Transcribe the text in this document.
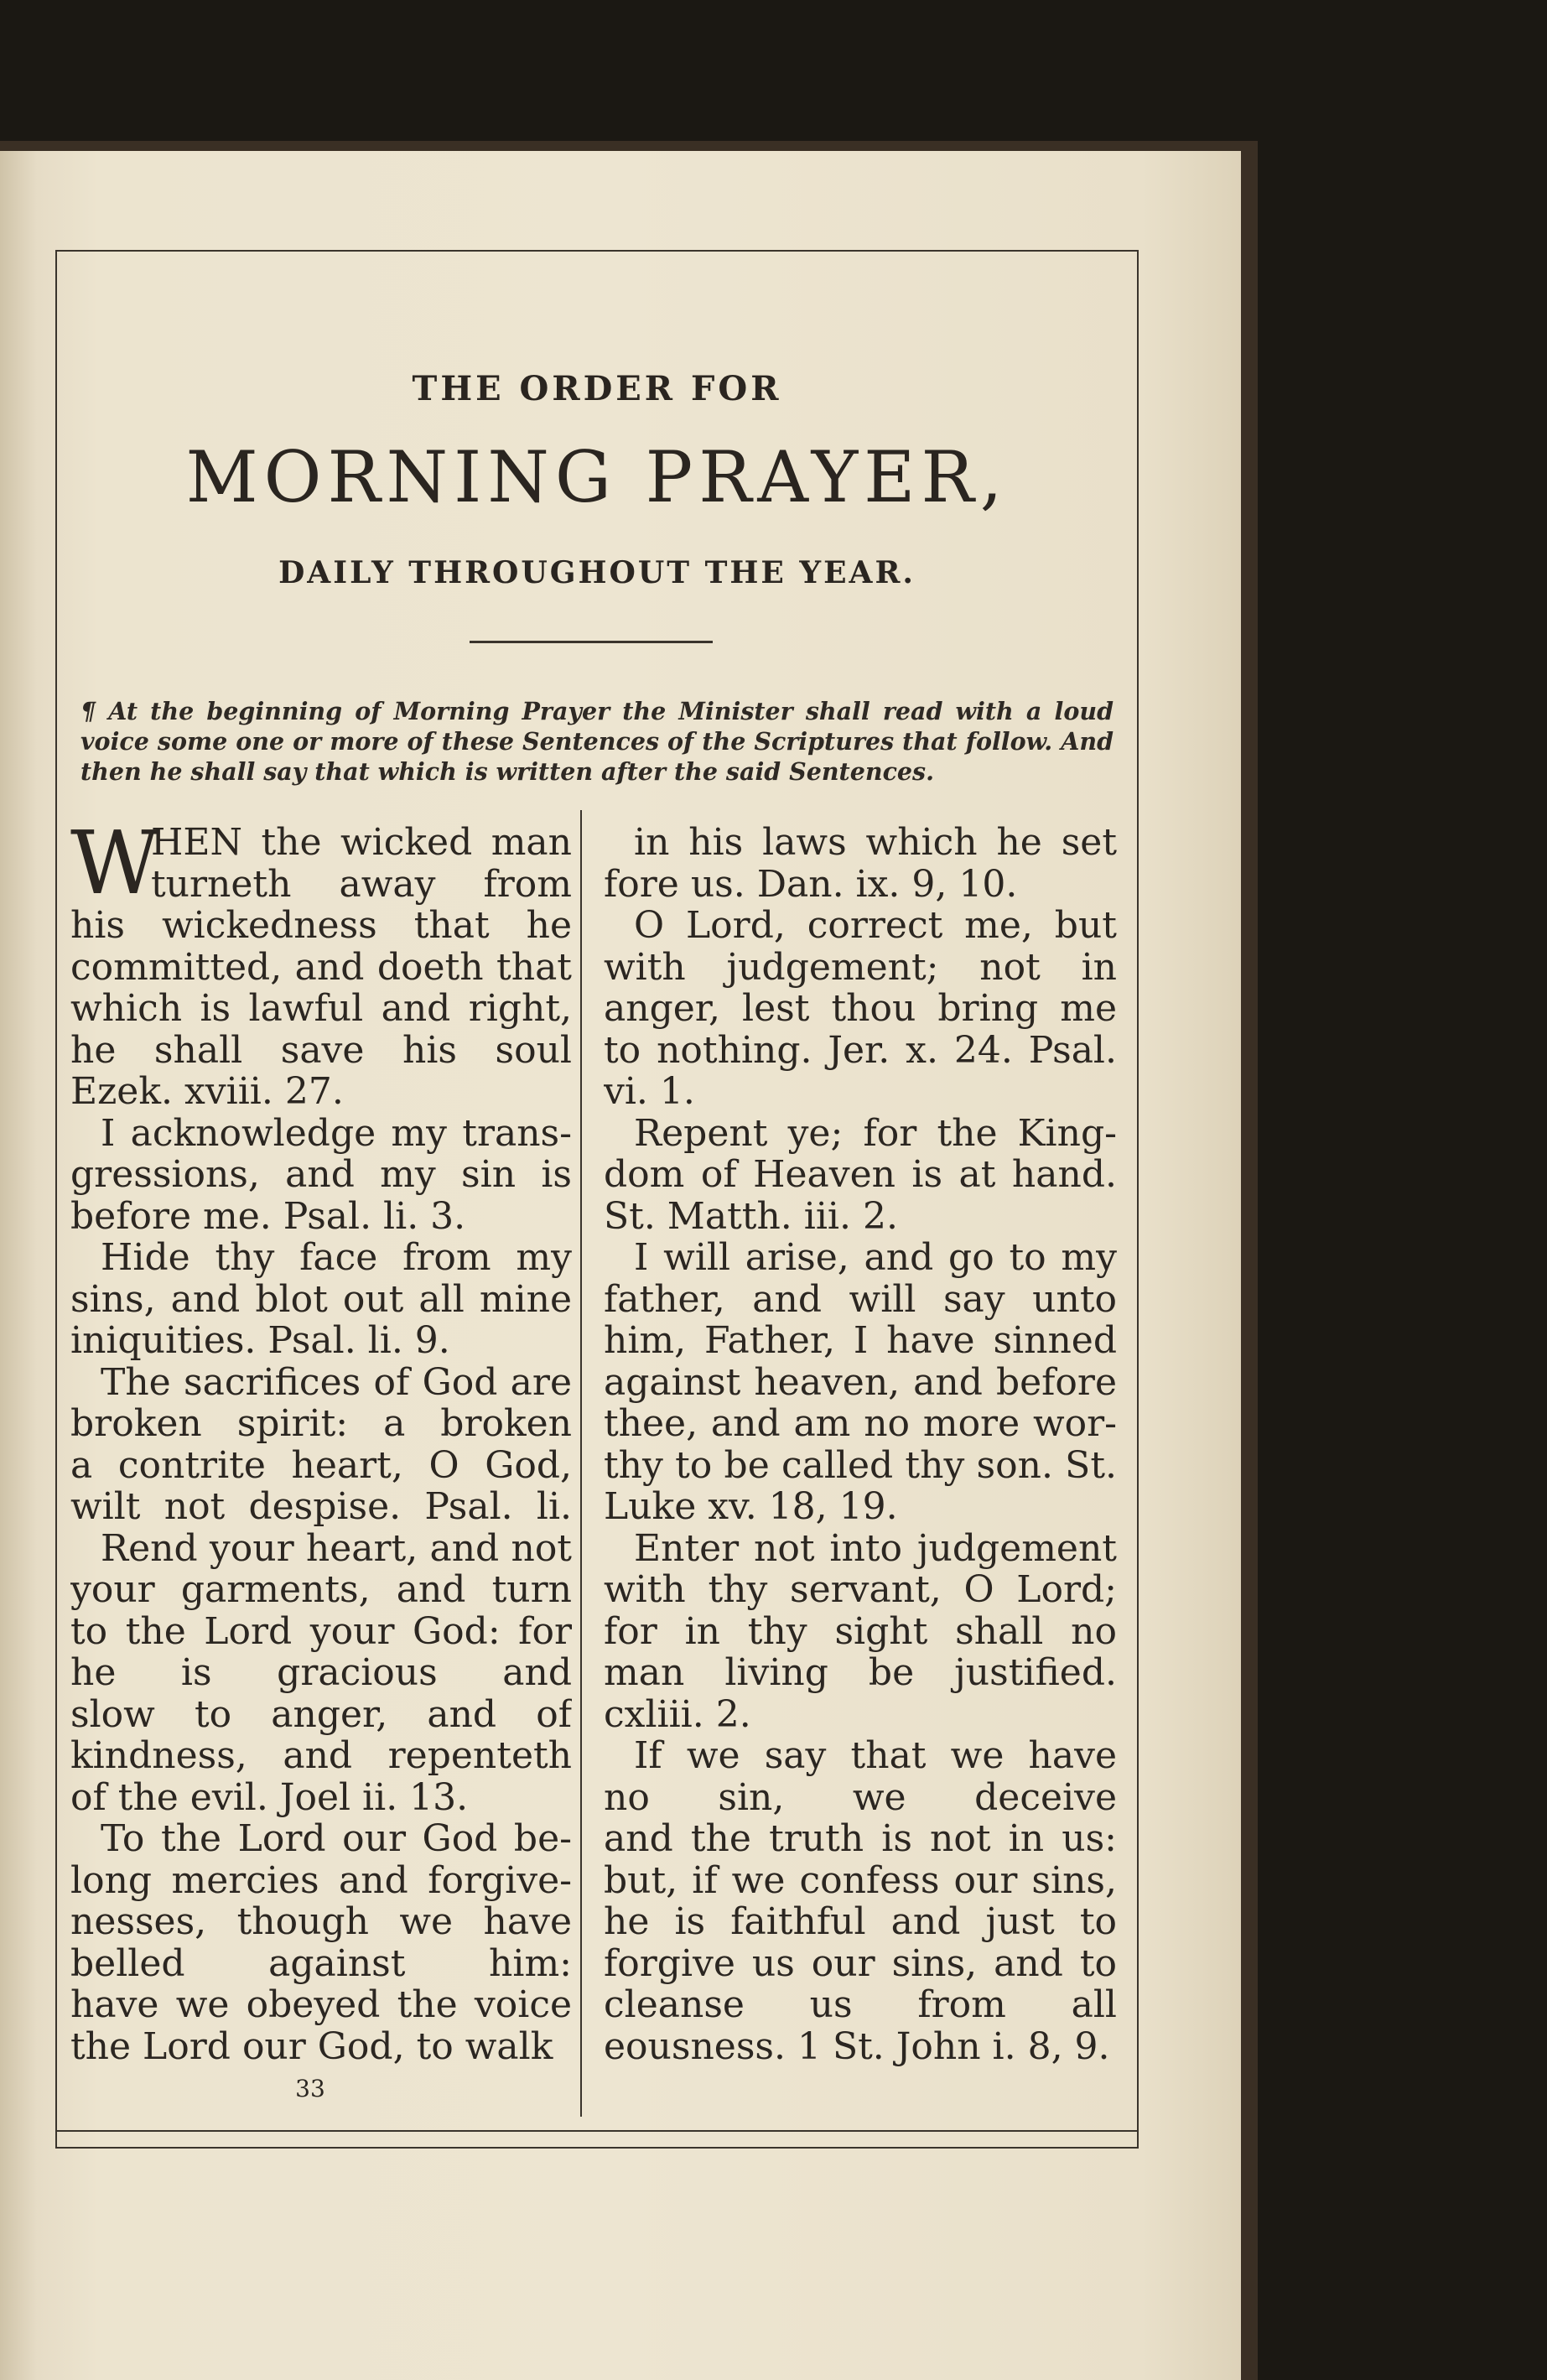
THE ORDER FOR
MORNING PRAYER,
DAILY THROUGHOUT THE YEAR.
¶ At the beginning of Morning Prayer the Minister shall read with a loud voice some one or more of these Sentences of the Scriptures that follow. And then he shall say that which is written after the said Sentences.
W
HEN the wicked man
turneth away from
his wickedness that he
committed, and doeth that
which is lawful and right,
he shall save his soul
Ezek. xviii. 27.
I acknowledge my trans-
gressions, and my sin is
before me. Psal. li. 3.
Hide thy face from my
sins, and blot out all mine
iniquities. Psal. li. 9.
The sacrifices of God are
broken spirit: a broken
a contrite heart, O God,
wilt not despise. Psal. li.
Rend your heart, and not
your garments, and turn
to the Lord your God: for
he is gracious and
slow to anger, and of
kindness, and repenteth
of the evil. Joel ii. 13.
To the Lord our God be-
long mercies and forgive-
nesses, though we have
belled against him:
have we obeyed the voice
the Lord our God, to walk
in his laws which he set
fore us. Dan. ix. 9, 10.
O Lord, correct me, but
with judgement; not in
anger, lest thou bring me
to nothing. Jer. x. 24. Psal.
vi. 1.
Repent ye; for the King-
dom of Heaven is at hand.
St. Matth. iii. 2.
I will arise, and go to my
father, and will say unto
him, Father, I have sinned
against heaven, and before
thee, and am no more wor-
thy to be called thy son. St.
Luke xv. 18, 19.
Enter not into judgement
with thy servant, O Lord;
for in thy sight shall no
man living be justified.
cxliii. 2.
If we say that we have
no sin, we deceive
and the truth is not in us:
but, if we confess our sins,
he is faithful and just to
forgive us our sins, and to
cleanse us from all
eousness. 1 St. John i. 8, 9.
33
